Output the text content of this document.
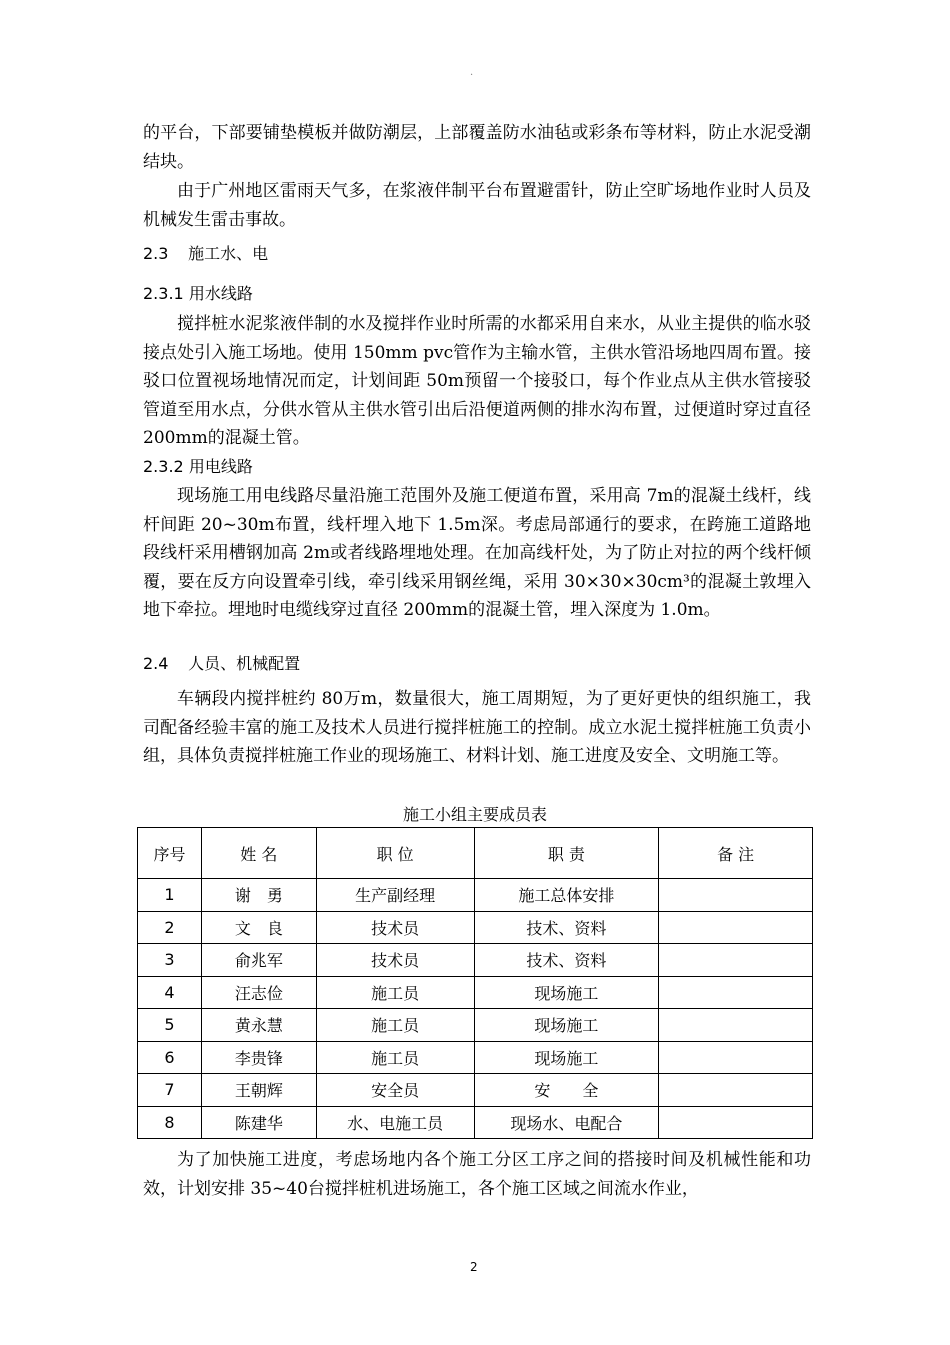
·

的平台，下部要铺垫模板并做防潮层，上部覆盖防水油毡或彩条布等材料，防止水泥受潮结块。

由于广州地区雷雨天气多，在浆液伴制平台布置避雷针，防止空旷场地作业时人员及机械发生雷击事故。

2.3 施工水、电
2.3.1 用水线路

搅拌桩水泥浆液伴制的水及搅拌作业时所需的水都采用自来水，从业主提供的临水驳接点处引入施工场地。使用 150mm pvc管作为主输水管，主供水管沿场地四周布置。接驳口位置视场地情况而定，计划间距 50m预留一个接驳口，每个作业点从主供水管接驳管道至用水点，分供水管从主供水管引出后沿便道两侧的排水沟布置，过便道时穿过直径 200mm的混凝土管。

2.3.2 用电线路

现场施工用电线路尽量沿施工范围外及施工便道布置，采用高 7m的混凝土线杆，线杆间距 20~30m布置，线杆埋入地下 1.5m深。考虑局部通行的要求，在跨施工道路地段线杆采用槽钢加高 2m或者线路埋地处理。在加高线杆处，为了防止对拉的两个线杆倾覆，要在反方向设置牵引线，牵引线采用钢丝绳，采用 30×30×30cm³的混凝土敦埋入地下牵拉。埋地时电缆线穿过直径 200mm的混凝土管，埋入深度为 1.0m。

2.4 人员、机械配置

车辆段内搅拌桩约 80万m，数量很大，施工周期短，为了更好更快的组织施工，我司配备经验丰富的施工及技术人员进行搅拌桩施工的控制。成立水泥土搅拌桩施工负责小组，具体负责搅拌桩施工作业的现场施工、材料计划、施工进度及安全、文明施工等。

施工小组主要成员表
序号	姓 名	职 位	职 责	备 注
1	谢　勇	生产副经理	施工总体安排	
2	文　良	技术员	技术、资料	
3	俞兆军	技术员	技术、资料	
4	汪志俭	施工员	现场施工	
5	黄永慧	施工员	现场施工	
6	李贵锋	施工员	现场施工	
7	王朝辉	安全员	安　　全	
8	陈建华	水、电施工员	现场水、电配合	

为了加快施工进度，考虑场地内各个施工分区工序之间的搭接时间及机械性能和功效，计划安排 35~40台搅拌桩机进场施工，各个施工区域之间流水作业，

2
